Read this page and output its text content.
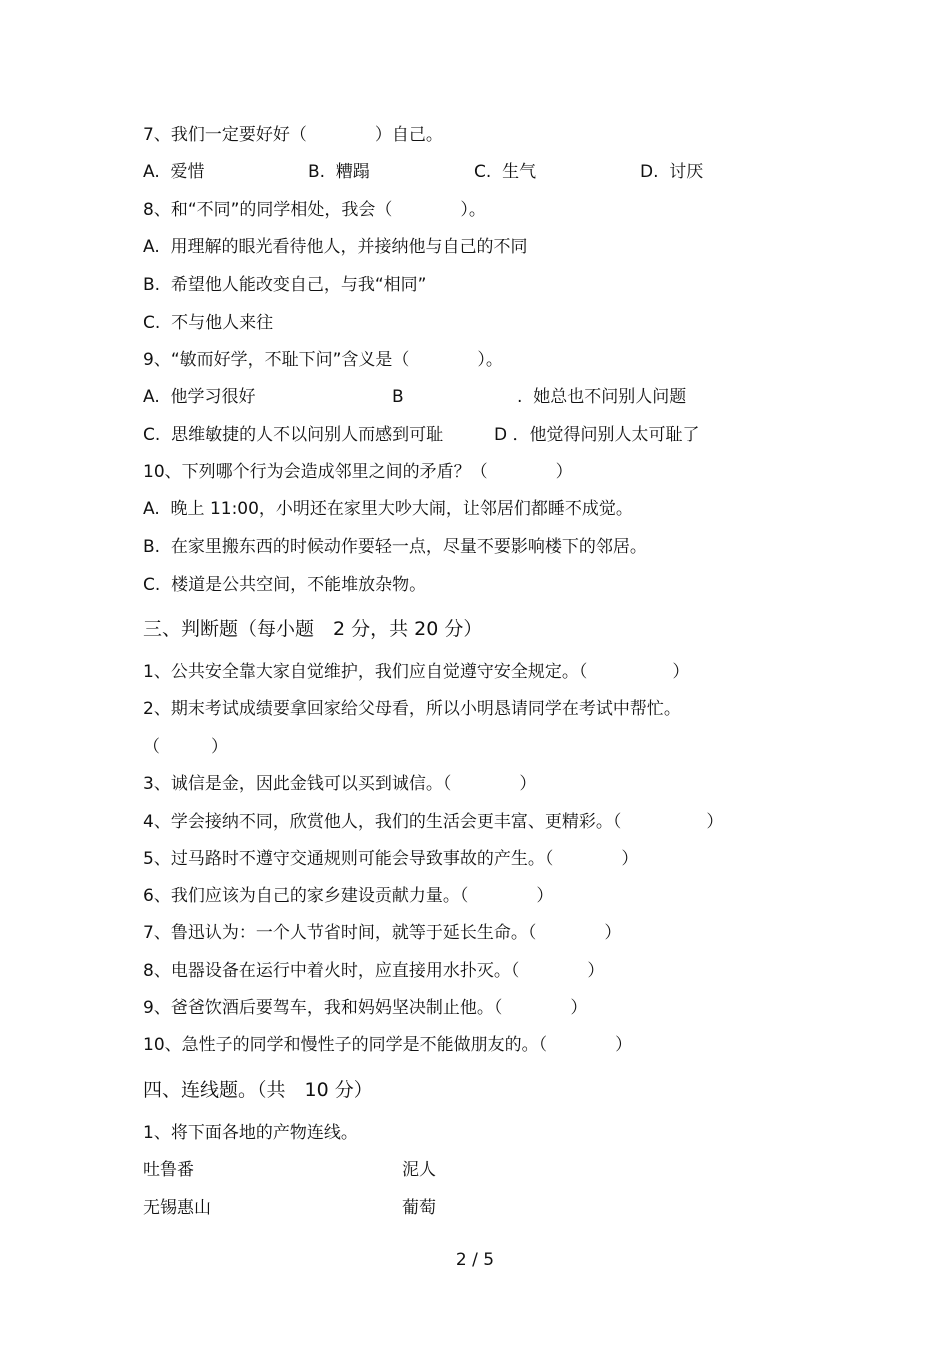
7、我们一定要好好（　　　　）自己。
A.  爱惜	B.  糟蹋	C.  生气	D.  讨厌
8、和“不同”的同学相处，我会（　　　　）。
A.  用理解的眼光看待他人，并接纳他与自己的不同
B.  希望他人能改变自己，与我“相同”
C.  不与他人来往
9、“敏而好学，不耻下问”含义是（　　　　）。
A.  他学习很好	B	.  她总也不问别人问题
C.  思维敏捷的人不以问别人而感到可耻	D ．他觉得问别人太可耻了
10、下列哪个行为会造成邻里之间的矛盾？（　　　　）
A.  晚上 11:00，小明还在家里大吵大闹，让邻居们都睡不成觉。
B.  在家里搬东西的时候动作要轻一点，尽量不要影响楼下的邻居。
C.  楼道是公共空间，不能堆放杂物。
三、判断题（每小题　2 分，共 20 分）
1、公共安全靠大家自觉维护，我们应自觉遵守安全规定。（　　　　　）
2、期末考试成绩要拿回家给父母看，所以小明恳请同学在考试中帮忙。
（　　　）
3、诚信是金，因此金钱可以买到诚信。（　　　　）
4、学会接纳不同，欣赏他人，我们的生活会更丰富、更精彩。（　　　　　）
5、过马路时不遵守交通规则可能会导致事故的产生。（　　　　）
6、我们应该为自己的家乡建设贡献力量。（　　　　）
7、鲁迅认为：一个人节省时间，就等于延长生命。（　　　　）
8、电器设备在运行中着火时，应直接用水扑灭。（　　　　）
9、爸爸饮酒后要驾车，我和妈妈坚决制止他。（　　　　）
10、急性子的同学和慢性子的同学是不能做朋友的。（　　　　）
四、连线题。（共　10 分）
1、将下面各地的产物连线。
吐鲁番	泥人
无锡惠山	葡萄
2 / 5
